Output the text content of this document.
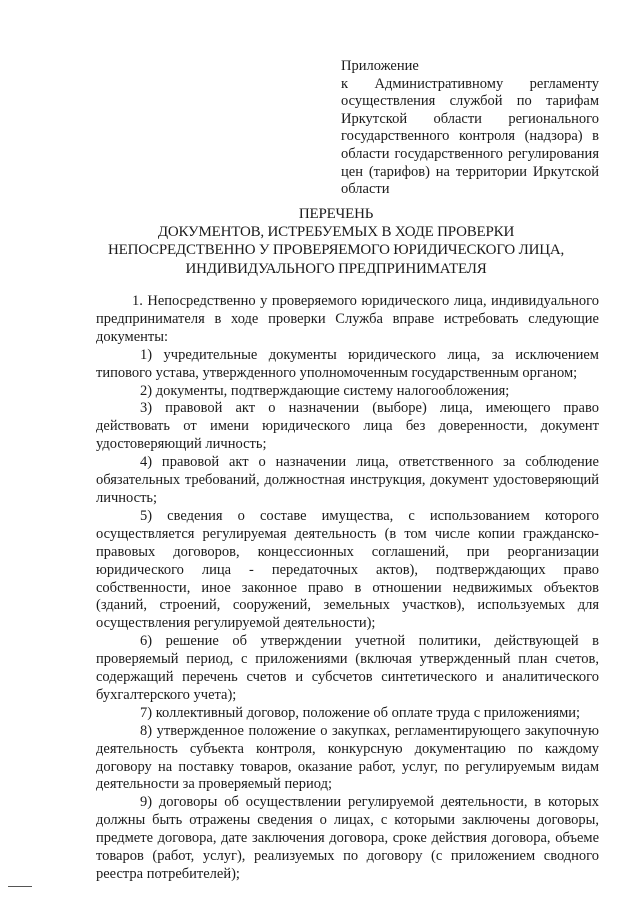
Приложение
к Административному регламенту осуществления службой по тарифам Иркутской области регионального государственного контроля (надзора) в области государственного регулирования цен (тарифов) на территории Иркутской области
ПЕРЕЧЕНЬ
ДОКУМЕНТОВ, ИСТРЕБУЕМЫХ В ХОДЕ ПРОВЕРКИ
НЕПОСРЕДСТВЕННО У ПРОВЕРЯЕМОГО ЮРИДИЧЕСКОГО ЛИЦА,
ИНДИВИДУАЛЬНОГО ПРЕДПРИНИМАТЕЛЯ

1. Непосредственно у проверяемого юридического лица, индивидуального предпринимателя в ходе проверки Служба вправе истребовать следующие документы:

1) учредительные документы юридического лица, за исключением типового устава, утвержденного уполномоченным государственным органом;

2) документы, подтверждающие систему налогообложения;

3) правовой акт о назначении (выборе) лица, имеющего право действовать от имени юридического лица без доверенности, документ удостоверяющий личность;

4) правовой акт о назначении лица, ответственного за соблюдение обязательных требований, должностная инструкция, документ удостоверяющий личность;

5) сведения о составе имущества, с использованием которого осуществляется регулируемая деятельность (в том числе копии гражданско-правовых договоров, концессионных соглашений, при реорганизации юридического лица - передаточных актов), подтверждающих право собственности, иное законное право в отношении недвижимых объектов (зданий, строений, сооружений, земельных участков), используемых для осуществления регулируемой деятельности);

6) решение об утверждении учетной политики, действующей в проверяемый период, с приложениями (включая утвержденный план счетов, содержащий перечень счетов и субсчетов синтетического и аналитического бухгалтерского учета);

7) коллективный договор, положение об оплате труда с приложениями;

8) утвержденное положение о закупках, регламентирующего закупочную деятельность субъекта контроля, конкурсную документацию по каждому договору на поставку товаров, оказание работ, услуг, по регулируемым видам деятельности за проверяемый период;

9) договоры об осуществлении регулируемой деятельности, в которых должны быть отражены сведения о лицах, с которыми заключены договоры, предмете договора, дате заключения договора, сроке действия договора, объеме товаров (работ, услуг), реализуемых по договору (с приложением сводного реестра потребителей);
